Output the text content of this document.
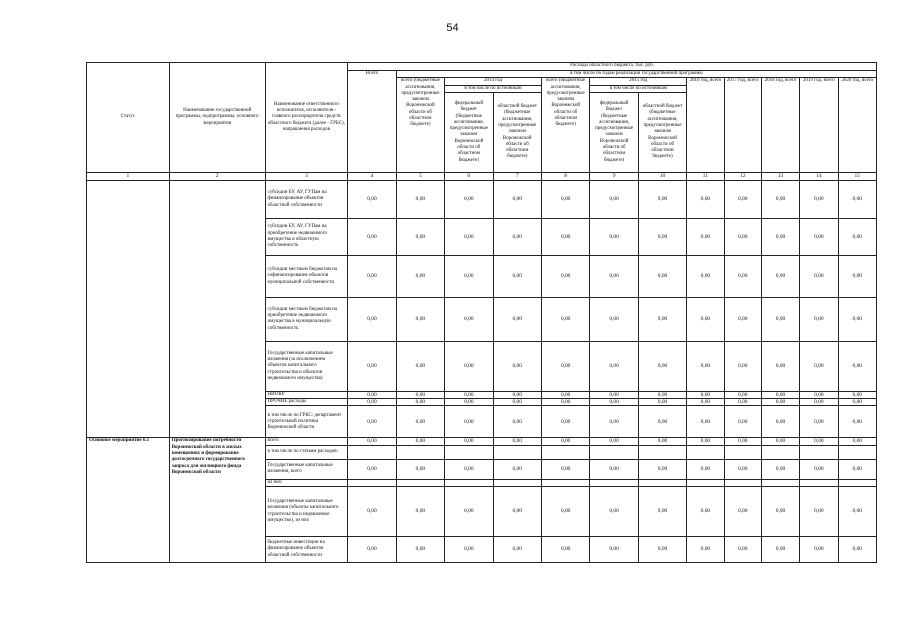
54
Статус	Наименование государственной программы, подпрограммы, основного мероприятия	Наименование ответственного исполнителя, исполнителя - главного распорядителя средств областного бюджета (далее - ГРБС), направления расходов	Расходы областного бюджета, тыс. руб.											
			Всего	в том числе по годам реализации государственной программы										
				всего (бюджетные ассигнования, предусмотренные законом Воронежской области об областном бюджете)	2014 год		всего (бюджетные ассигнования, предусмотренные законом Воронежской области об областном бюджете)	2015 год		2016 год, всего	2017 год, всего	2018 год, всего	2019 год, всего	2020 год, всего
					в том числе по источникам			в том числе по источникам						
					федеральный бюджет (бюджетные ассигнования, предусмотренные законом Воронежской области об областном бюджете)	областной бюджет (бюджетные ассигнования, предусмотренные законом Воронежской области об областном бюджете)		федеральный бюджет (бюджетные ассигнования, предусмотренные законом Воронежской области об областном бюджете)	областной бюджет (бюджетные ассигнования, предусмотренные законом Воронежской области об областном бюджете)					
1	2	3	4	5	6	7	8	9	10	11	12	13	14	15
		субсидии БУ, АУ, ГУПам на финансирование объектов областной собственности	0,00	0,00	0,00	0,00	0,00	0,00	0,00	0,00	0,00	0,00	0,00	0,00
		субсидии БУ, АУ, ГУПам на приобретение недвижимого имущества в областную собственность	0,00	0,00	0,00	0,00	0,00	0,00	0,00	0,00	0,00	0,00	0,00	0,00
		субсидии местным бюджетам на софинансирование объектов муниципальной собственности	0,00	0,00	0,00	0,00	0,00	0,00	0,00	0,00	0,00	0,00	0,00	0,00
		субсидии местным бюджетам на приобретение недвижимого имущества в муниципальную собственность	0,00	0,00	0,00	0,00	0,00	0,00	0,00	0,00	0,00	0,00	0,00	0,00
		Государственные капитальные вложения (за исключением объектов капитального строительства и объектов недвижимого имущества)	0,00	0,00	0,00	0,00	0,00	0,00	0,00	0,00	0,00	0,00	0,00	0,00
		НИОКР	0,00	0,00	0,00	0,00	0,00	0,00	0,00	0,00	0,00	0,00	0,00	0,00
		ПРОЧИЕ расходы	0,00	0,00	0,00	0,00	0,00	0,00	0,00	0,00	0,00	0,00	0,00	0,00
		в том числе по ГРБС: департамент строительной политики Воронежской области	0,00	0,00	0,00	0,00	0,00	0,00	0,00	0,00	0,00	0,00	0,00	0,00
Основное мероприятие 6.1	Прогнозирование потребности Воронежской области в жилых помещениях и формирование долгосрочного государственного запроса для жилищного фонда Воронежской области	всего	0,00	0,00	0,00	0,00	0,00	0,00	0,00	0,00	0,00	0,00	0,00	0,00
		в том числе по статьям расходов:												
		Государственные капитальные вложения, всего	0,00	0,00	0,00	0,00	0,00	0,00	0,00	0,00	0,00	0,00	0,00	0,00
		из них:												
		Государственные капитальные вложения (объекты капитального строительства и недвижимое имущество), из них	0,00	0,00	0,00	0,00	0,00	0,00	0,00	0,00	0,00	0,00	0,00	0,00
		бюджетные инвестиции на финансирование объектов областной собственности	0,00	0,00	0,00	0,00	0,00	0,00	0,00	0,00	0,00	0,00	0,00	0,00
